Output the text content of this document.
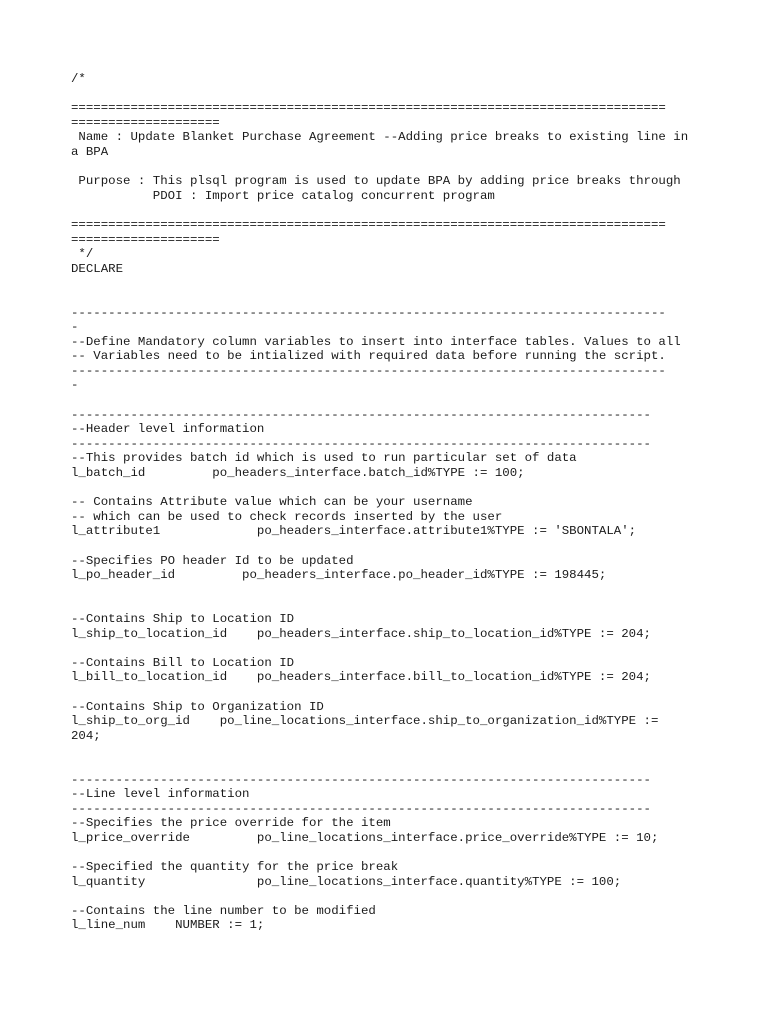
/*
================================================================================
====================
Name : Update Blanket Purchase Agreement --Adding price breaks to existing line in
a BPA
Purpose : This plsql program is used to update BPA by adding price breaks through
PDOI : Import price catalog concurrent program
================================================================================
====================
*/
DECLARE
--------------------------------------------------------------------------------
-
--Define Mandatory column variables to insert into interface tables. Values to all
-- Variables need to be intialized with required data before running the script.
--------------------------------------------------------------------------------
-
------------------------------------------------------------------------------
--Header level information
------------------------------------------------------------------------------
--This provides batch id which is used to run particular set of data
l_batch_id         po_headers_interface.batch_id%TYPE := 100;
-- Contains Attribute value which can be your username
-- which can be used to check records inserted by the user
l_attribute1             po_headers_interface.attribute1%TYPE := 'SBONTALA';
--Specifies PO header Id to be updated
l_po_header_id         po_headers_interface.po_header_id%TYPE := 198445;
--Contains Ship to Location ID
l_ship_to_location_id    po_headers_interface.ship_to_location_id%TYPE := 204;
--Contains Bill to Location ID
l_bill_to_location_id    po_headers_interface.bill_to_location_id%TYPE := 204;
--Contains Ship to Organization ID
l_ship_to_org_id    po_line_locations_interface.ship_to_organization_id%TYPE :=
204;
------------------------------------------------------------------------------
--Line level information
------------------------------------------------------------------------------
--Specifies the price override for the item
l_price_override         po_line_locations_interface.price_override%TYPE := 10;
--Specified the quantity for the price break
l_quantity               po_line_locations_interface.quantity%TYPE := 100;
--Contains the line number to be modified
l_line_num    NUMBER := 1;
